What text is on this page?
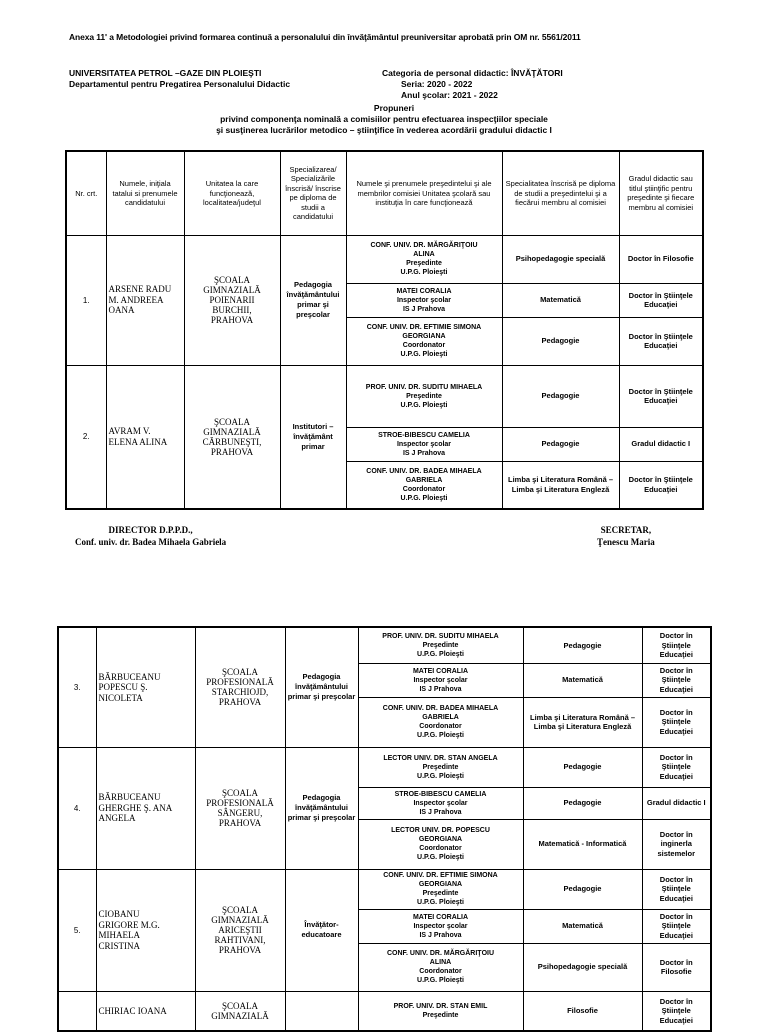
Anexa 11' a Metodologiei privind formarea continuă a personalului din învăţământul preuniversitar aprobată prin OM nr. 5561/2011
UNIVERSITATEA PETROL –GAZE DIN PLOIEŞTI
Departamentul pentru Pregatirea Personalului Didactic
Categoria de personal didactic: ÎNVĂŢĂTORI
Seria: 2020 - 2022
Anul şcolar: 2021 - 2022
Propuneri
privind componenţa nominală a comisiilor pentru efectuarea inspecţiilor speciale
şi susţinerea lucrărilor metodico – ştiinţifice în vederea acordării gradului didactic I
Nr. crt.	Numele, iniţiala tatalui si prenumele candidatului	Unitatea la care funcţionează, localitatea/judeţul	Specializarea/ Specializările înscrisă/ înscrise pe diploma de studii a candidatului	Numele şi prenumele preşedintelui şi ale membrilor comisiei Unitatea şcolară sau instituţia în care funcţionează	Specialitatea înscrisă pe diploma de studii a preşedintelui şi a fiecărui membru al comisiei	Gradul didactic sau titlul ştiinţific pentru preşedinte şi fiecare membru al comisiei
1.	ARSENE RADU
M. ANDREEA
OANA	ŞCOALA
GIMNAZIALĂ
POIENARII
BURCHII,
PRAHOVA	Pedagogia învăţământului primar şi preşcolar	CONF. UNIV. DR. MĂRGĂRIŢOIU
ALINA
Preşedinte
U.P.G. Ploieşti	Psihopedagogie specială	Doctor în Filosofie

				MATEI CORALIA
Inspector şcolar
IS J Prahova	Matematică	Doctor în Ştiinţele Educaţiei

				CONF. UNIV. DR. EFTIMIE SIMONA
GEORGIANA
Coordonator
U.P.G. Ploieşti	Pedagogie	Doctor în Ştiinţele Educaţiei
2.	AVRAM V.
ELENA ALINA	ŞCOALA
GIMNAZIALĂ
CĂRBUNEŞTI,
PRAHOVA	Institutori – învăţământ primar	PROF. UNIV. DR. SUDITU MIHAELA
Preşedinte
U.P.G. Ploieşti	Pedagogie	Doctor în Ştiinţele Educaţiei

				STROE-BIBESCU CAMELIA
Inspector şcolar
IS J Prahova	Pedagogie	Gradul didactic I

				CONF. UNIV. DR. BADEA MIHAELA
GABRIELA
Coordonator
U.P.G. Ploieşti	Limba şi Literatura Română – Limba şi Literatura Engleză	Doctor în Ştiinţele Educaţiei
DIRECTOR D.P.P.D.,
Conf. univ. dr. Badea Mihaela Gabriela
SECRETAR,
Ţenescu Maria
3.	BĂRBUCEANU
POPESCU Ş.
NICOLETA	ŞCOALA
PROFESIONALĂ
STARCHIOJD,
PRAHOVA	Pedagogia învăţământului primar şi preşcolar	PROF. UNIV. DR. SUDITU MIHAELA
Preşedinte
U.P.G. Ploieşti	Pedagogie	Doctor în Ştiinţele Educaţiei

				MATEI CORALIA
Inspector şcolar
IS J Prahova	Matematică	Doctor în Ştiinţele Educaţiei

				CONF. UNIV. DR. BADEA MIHAELA
GABRIELA
Coordonator
U.P.G. Ploieşti	Limba şi Literatura Română – Limba şi Literatura Engleză	Doctor în Ştiinţele Educaţiei
4.	BĂRBUCEANU
GHERGHE Ş. ANA
ANGELA	ŞCOALA
PROFESIONALĂ
SÂNGERU,
PRAHOVA	Pedagogia învăţământului primar şi preşcolar	LECTOR UNIV. DR. STAN ANGELA
Preşedinte
U.P.G. Ploieşti	Pedagogie	Doctor în Ştiinţele Educaţiei

				STROE-BIBESCU CAMELIA
Inspector şcolar
IS J Prahova	Pedagogie	Gradul didactic I

				LECTOR UNIV. DR. POPESCU
GEORGIANA
Coordonator
U.P.G. Ploieşti	Matematică - Informatică	Doctor în inginerla sistemelor
5.	CIOBANU
GRIGORE M.G.
MIHAELA
CRISTINA	ŞCOALA
GIMNAZIALĂ
ARICEŞTII
RAHTIVANI,
PRAHOVA	Învăţător-educatoare	CONF. UNIV. DR. EFTIMIE SIMONA
GEORGIANA
Preşedinte
U.P.G. Ploieşti	Pedagogie	Doctor în Ştiinţele Educaţiei

				MATEI CORALIA
Inspector şcolar
IS J Prahova	Matematică	Doctor în Ştiinţele Educaţiei

				CONF. UNIV. DR. MĂRGĂRIŢOIU
ALINA
Coordonator
U.P.G. Ploieşti	Psihopedagogie specială	Doctor în Filosofie

	CHIRIAC IOANA	ŞCOALA
GIMNAZIALĂ		PROF. UNIV. DR. STAN EMIL
Preşedinte	Filosofie	Doctor în Ştiinţele Educaţiei
